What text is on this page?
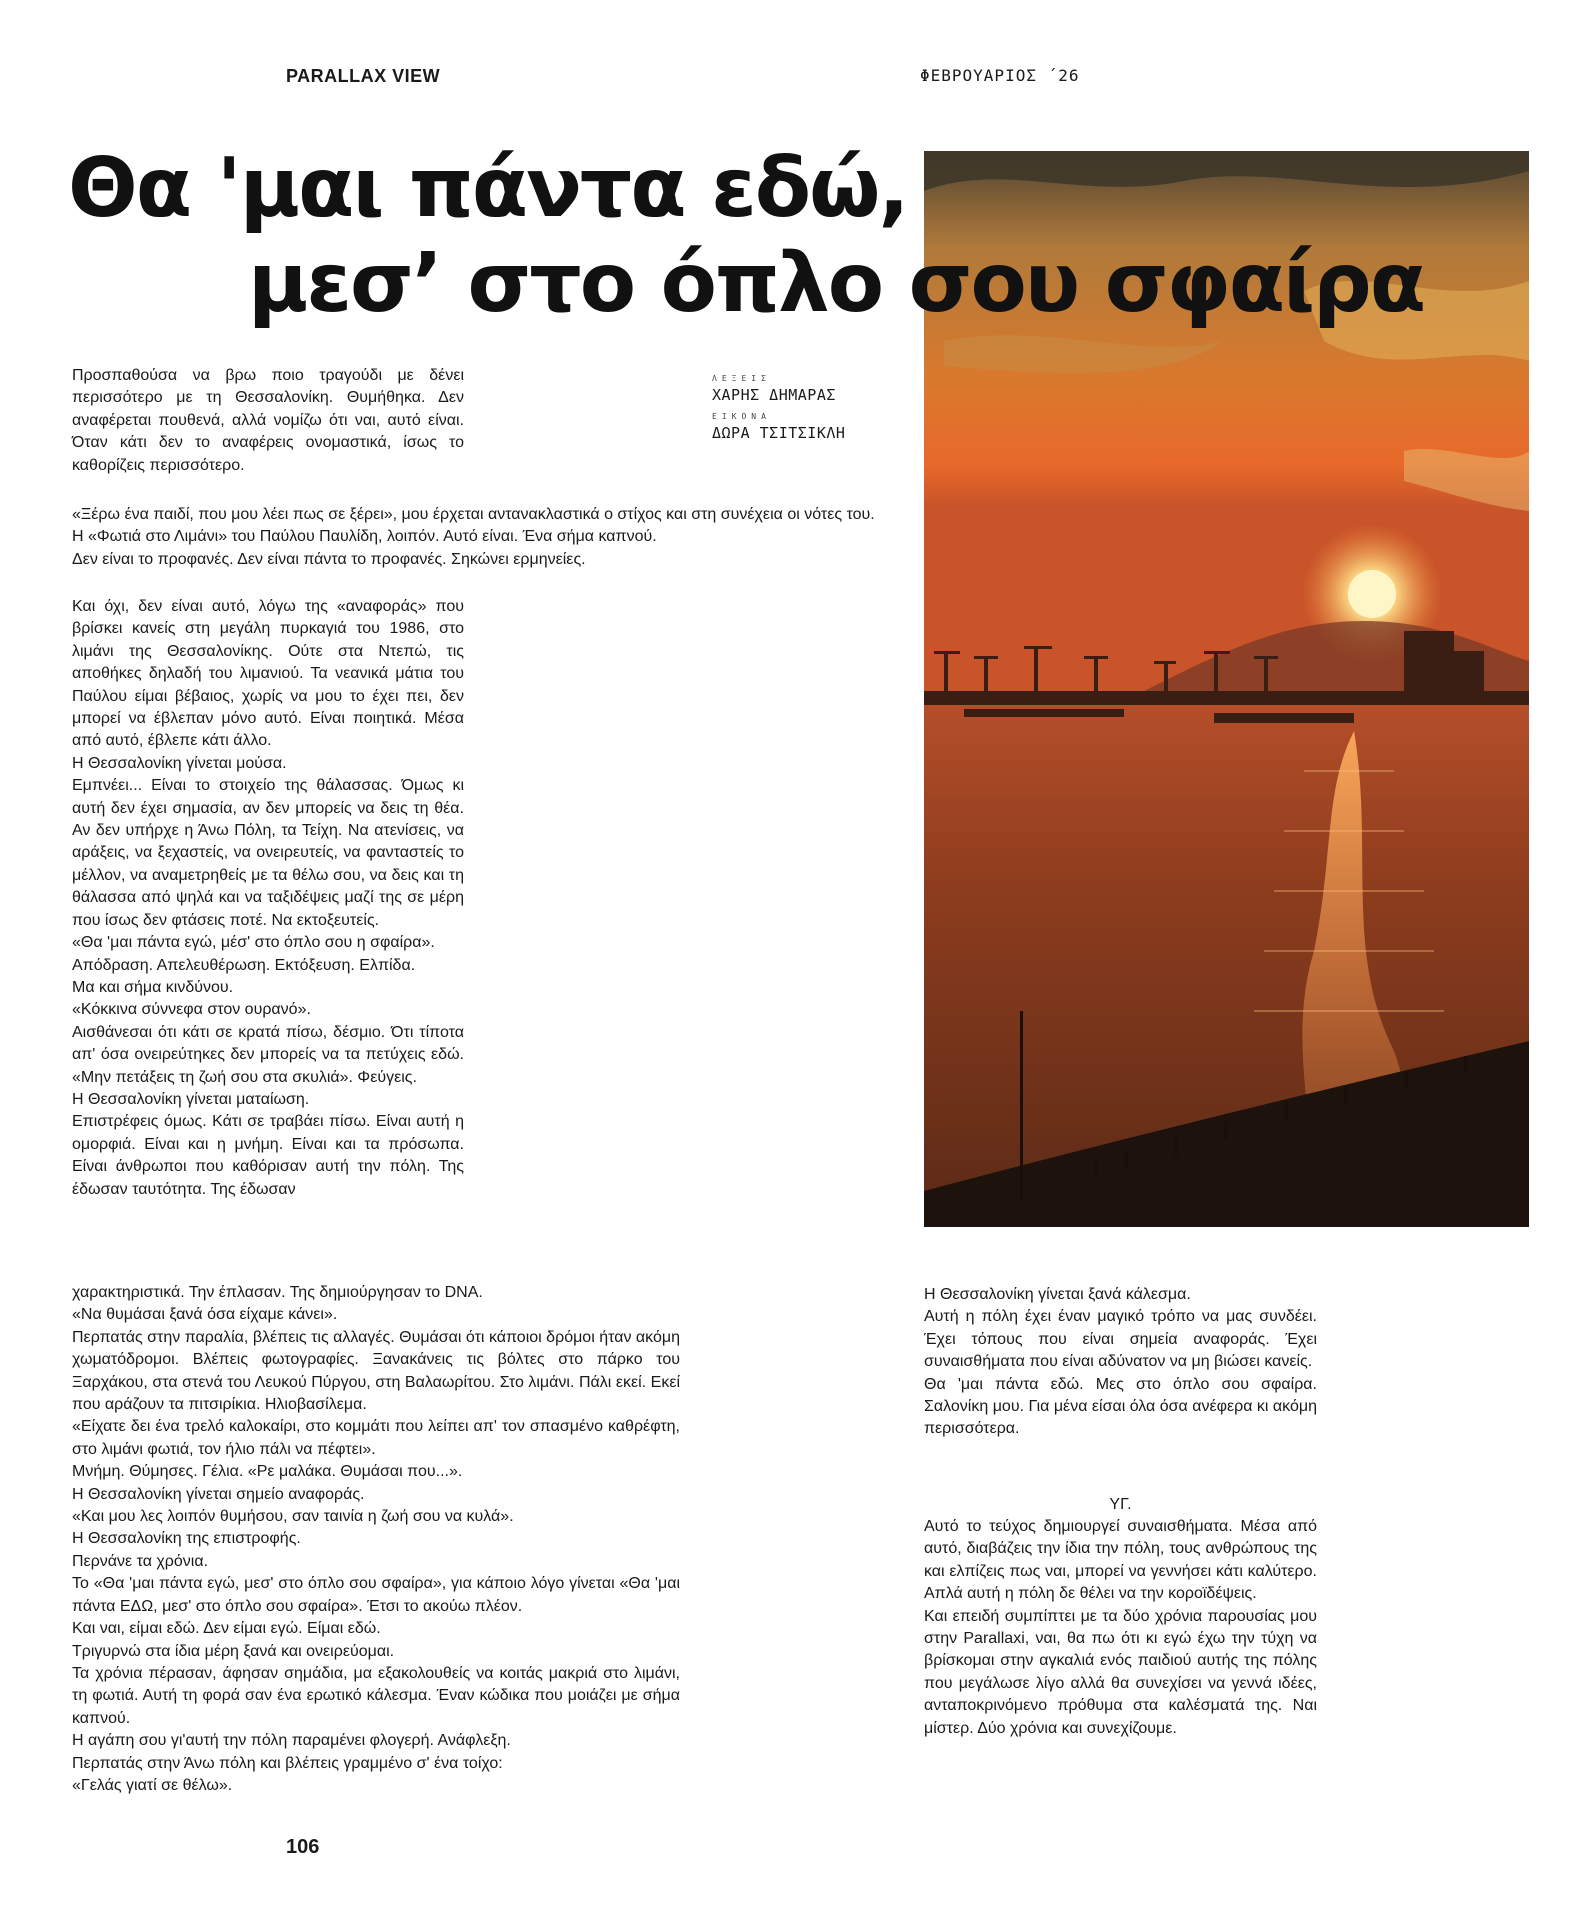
PARALLAX VIEW	ΦΕΒΡΟΥΑΡΙΟΣ ΄26
Θα 'μαι πάντα εδώ,
μεσ’ στο όπλο σου σφαίρα
ΛΕΞΕΙΣ
ΧΑΡΗΣ ΔΗΜΑΡΑΣ
ΕΙΚΟΝΑ
ΔΩΡΑ ΤΣΙΤΣΙΚΛΗ

Προσπαθούσα να βρω ποιο τραγούδι με δένει περισσότερο με τη Θεσσαλονίκη. Θυμήθηκα. Δεν αναφέρεται πουθενά, αλλά νομίζω ότι ναι, αυτό είναι. Όταν κάτι δεν το αναφέρεις ονομαστικά, ίσως το καθορίζεις περισσότερο.

«Ξέρω ένα παιδί, που μου λέει πως σε ξέρει», μου έρχεται αντανακλαστικά ο στίχος και στη συνέχεια οι νότες του. Η «Φωτιά στο Λιμάνι» του Παύλου Παυλίδη, λοιπόν. Αυτό είναι. Ένα σήμα καπνού.

Δεν είναι το προφανές. Δεν είναι πάντα το προφανές. Σηκώνει ερμηνείες.

Και όχι, δεν είναι αυτό, λόγω της «αναφοράς» που βρίσκει κανείς στη μεγάλη πυρκαγιά του 1986, στο λιμάνι της Θεσσαλονίκης. Ούτε στα Ντεπώ, τις αποθήκες δηλαδή του λιμανιού. Τα νεανικά μάτια του Παύλου είμαι βέβαιος, χωρίς να μου το έχει πει, δεν μπορεί να έβλεπαν μόνο αυτό. Είναι ποιητικά. Μέσα από αυτό, έβλεπε κάτι άλλο.

Η Θεσσαλονίκη γίνεται μούσα.

Εμπνέει... Είναι το στοιχείο της θάλασσας. Όμως κι αυτή δεν έχει σημασία, αν δεν μπορείς να δεις τη θέα. Αν δεν υπήρχε η Άνω Πόλη, τα Τείχη. Να ατενίσεις, να αράξεις, να ξεχαστείς, να ονειρευτείς, να φανταστείς το μέλλον, να αναμετρηθείς με τα θέλω σου, να δεις και τη θάλασσα από ψηλά και να ταξιδέψεις μαζί της σε μέρη που ίσως δεν φτάσεις ποτέ. Να εκτοξευτείς.

«Θα 'μαι πάντα εγώ, μέσ' στο όπλο σου η σφαίρα».

Απόδραση. Απελευθέρωση. Εκτόξευση. Ελπίδα.

Μα και σήμα κινδύνου.

«Κόκκινα σύννεφα στον ουρανό».

Αισθάνεσαι ότι κάτι σε κρατά πίσω, δέσμιο. Ότι τίποτα απ' όσα ονειρεύτηκες δεν μπορείς να τα πετύχεις εδώ. «Μην πετάξεις τη ζωή σου στα σκυλιά». Φεύγεις.

Η Θεσσαλονίκη γίνεται ματαίωση.

Επιστρέφεις όμως. Κάτι σε τραβάει πίσω. Είναι αυτή η ομορφιά. Είναι και η μνήμη. Είναι και τα πρόσωπα. Είναι άνθρωποι που καθόρισαν αυτή την πόλη. Της έδωσαν ταυτότητα. Της έδωσαν

χαρακτηριστικά. Την έπλασαν. Της δημιούργησαν το DNA.

«Να θυμάσαι ξανά όσα είχαμε κάνει».

Περπατάς στην παραλία, βλέπεις τις αλλαγές. Θυμάσαι ότι κάποιοι δρόμοι ήταν ακόμη χωματόδρομοι. Βλέπεις φωτογραφίες. Ξανακάνεις τις βόλτες στο πάρκο του Ξαρχάκου, στα στενά του Λευκού Πύργου, στη Βαλαωρίτου. Στο λιμάνι. Πάλι εκεί. Εκεί που αράζουν τα πιτσιρίκια. Ηλιοβασίλεμα.

«Είχατε δει ένα τρελό καλοκαίρι, στο κομμάτι που λείπει απ' τον σπασμένο καθρέφτη, στο λιμάνι φωτιά, τον ήλιο πάλι να πέφτει».

Μνήμη. Θύμησες. Γέλια. «Ρε μαλάκα. Θυμάσαι που...».

Η Θεσσαλονίκη γίνεται σημείο αναφοράς.

«Και μου λες λοιπόν θυμήσου, σαν ταινία η ζωή σου να κυλά».

Η Θεσσαλονίκη της επιστροφής.

Περνάνε τα χρόνια.

Το «Θα 'μαι πάντα εγώ, μεσ' στο όπλο σου σφαίρα», για κάποιο λόγο γίνεται «Θα 'μαι πάντα ΕΔΩ, μεσ' στο όπλο σου σφαίρα». Έτσι το ακούω πλέον.

Και ναι, είμαι εδώ. Δεν είμαι εγώ. Είμαι εδώ.

Τριγυρνώ στα ίδια μέρη ξανά και ονειρεύομαι.

Τα χρόνια πέρασαν, άφησαν σημάδια, μα εξακολουθείς να κοιτάς μακριά στο λιμάνι, τη φωτιά. Αυτή τη φορά σαν ένα ερωτικό κάλεσμα. Έναν κώδικα που μοιάζει με σήμα καπνού.

Η αγάπη σου γι'αυτή την πόλη παραμένει φλογερή. Ανάφλεξη.

Περπατάς στην Άνω πόλη και βλέπεις γραμμένο σ' ένα τοίχο:

«Γελάς γιατί σε θέλω».

Η Θεσσαλονίκη γίνεται ξανά κάλεσμα.

Αυτή η πόλη έχει έναν μαγικό τρόπο να μας συνδέει. Έχει τόπους που είναι σημεία αναφοράς. Έχει συναισθήματα που είναι αδύνατον να μη βιώσει κανείς.

Θα 'μαι πάντα εδώ. Μες στο όπλο σου σφαίρα. Σαλονίκη μου. Για μένα είσαι όλα όσα ανέφερα κι ακόμη περισσότερα.

ΥΓ.

Αυτό το τεύχος δημιουργεί συναισθήματα. Μέσα από αυτό, διαβάζεις την ίδια την πόλη, τους ανθρώπους της και ελπίζεις πως ναι, μπορεί να γεννήσει κάτι καλύτερο. Απλά αυτή η πόλη δε θέλει να την κοροϊδέψεις.

Και επειδή συμπίπτει με τα δύο χρόνια παρουσίας μου στην Parallaxi, ναι, θα πω ότι κι εγώ έχω την τύχη να βρίσκομαι στην αγκαλιά ενός παιδιού αυτής της πόλης που μεγάλωσε λίγο αλλά θα συνεχίσει να γεννά ιδέες, ανταποκρινόμενο πρόθυμα στα καλέσματά της. Ναι μίστερ. Δύο χρόνια και συνεχίζουμε.

106
